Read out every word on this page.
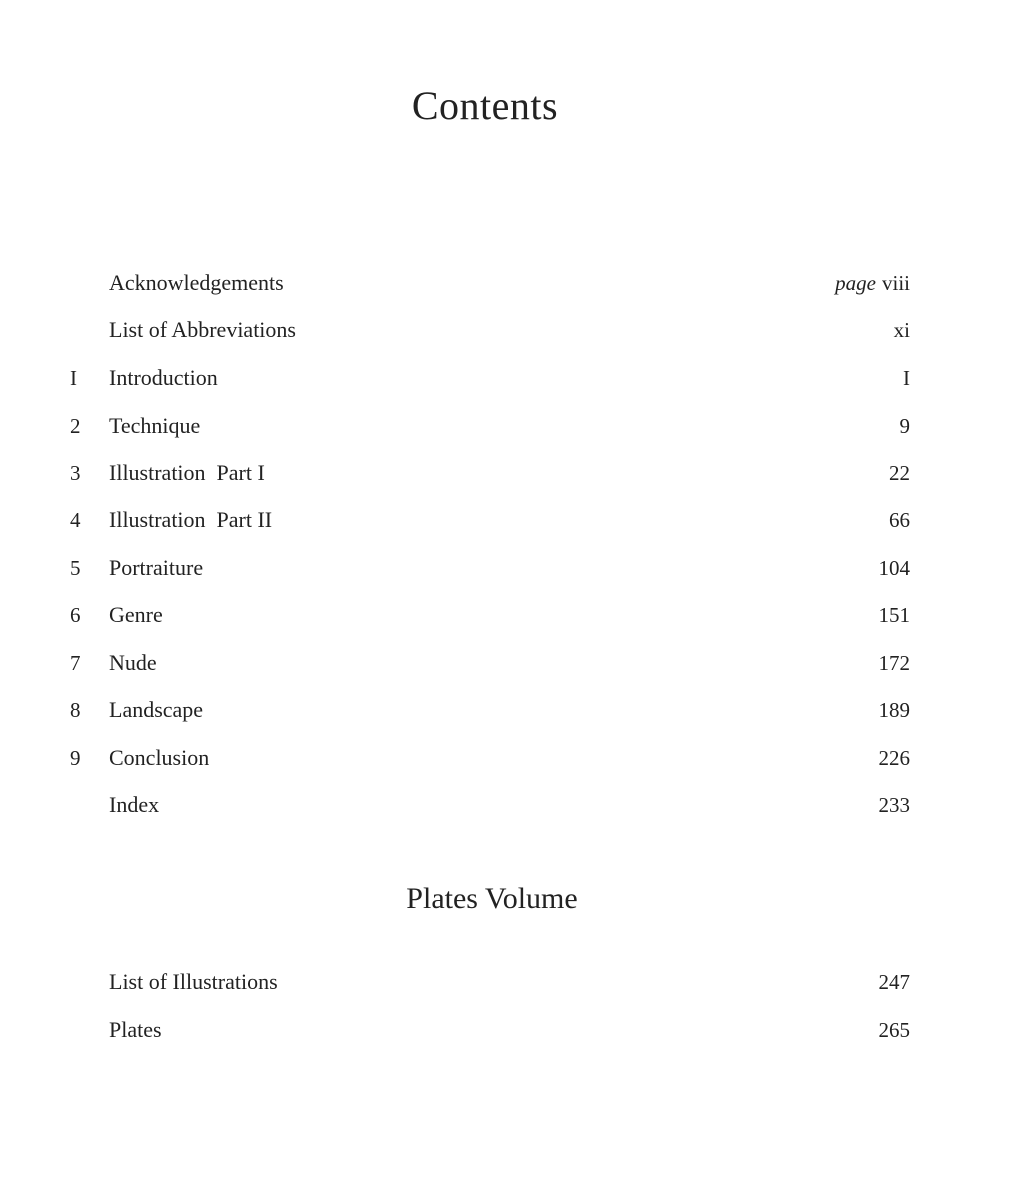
Contents
Acknowledgements	page viii
List of Abbreviations	xi
I	Introduction	I
2	Technique	9
3	Illustration  Part I	22
4	Illustration  Part II	66
5	Portraiture	104
6	Genre	151
7	Nude	172
8	Landscape	189
9	Conclusion	226
Index	233
Plates Volume
List of Illustrations	247
Plates	265
